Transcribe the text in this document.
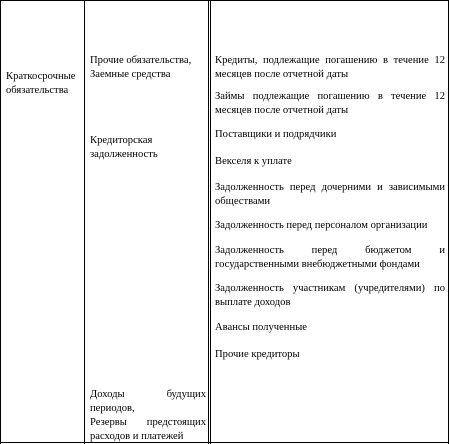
Краткосрочные обязательства

Прочие обязательства,

Заемные средства

Кредиторская

задолженность

Доходы будущих

периодов,

Резервы предстоящих

расходов и платежей

Кредиты, подлежащие погашению в течение 12 месяцев после отчетной даты

Займы подлежащие погашению в течение 12 месяцев после отчетной даты

Поставщики и подрядчики

Векселя к уплате

Задолженность перед дочерними и зависимыми обществами

Задолженность перед персоналом организации

Задолженность перед бюджетом и государственными внебюджетными фондами

Задолженность участникам (учредителями) по выплате доходов

Авансы полученные

Прочие кредиторы
